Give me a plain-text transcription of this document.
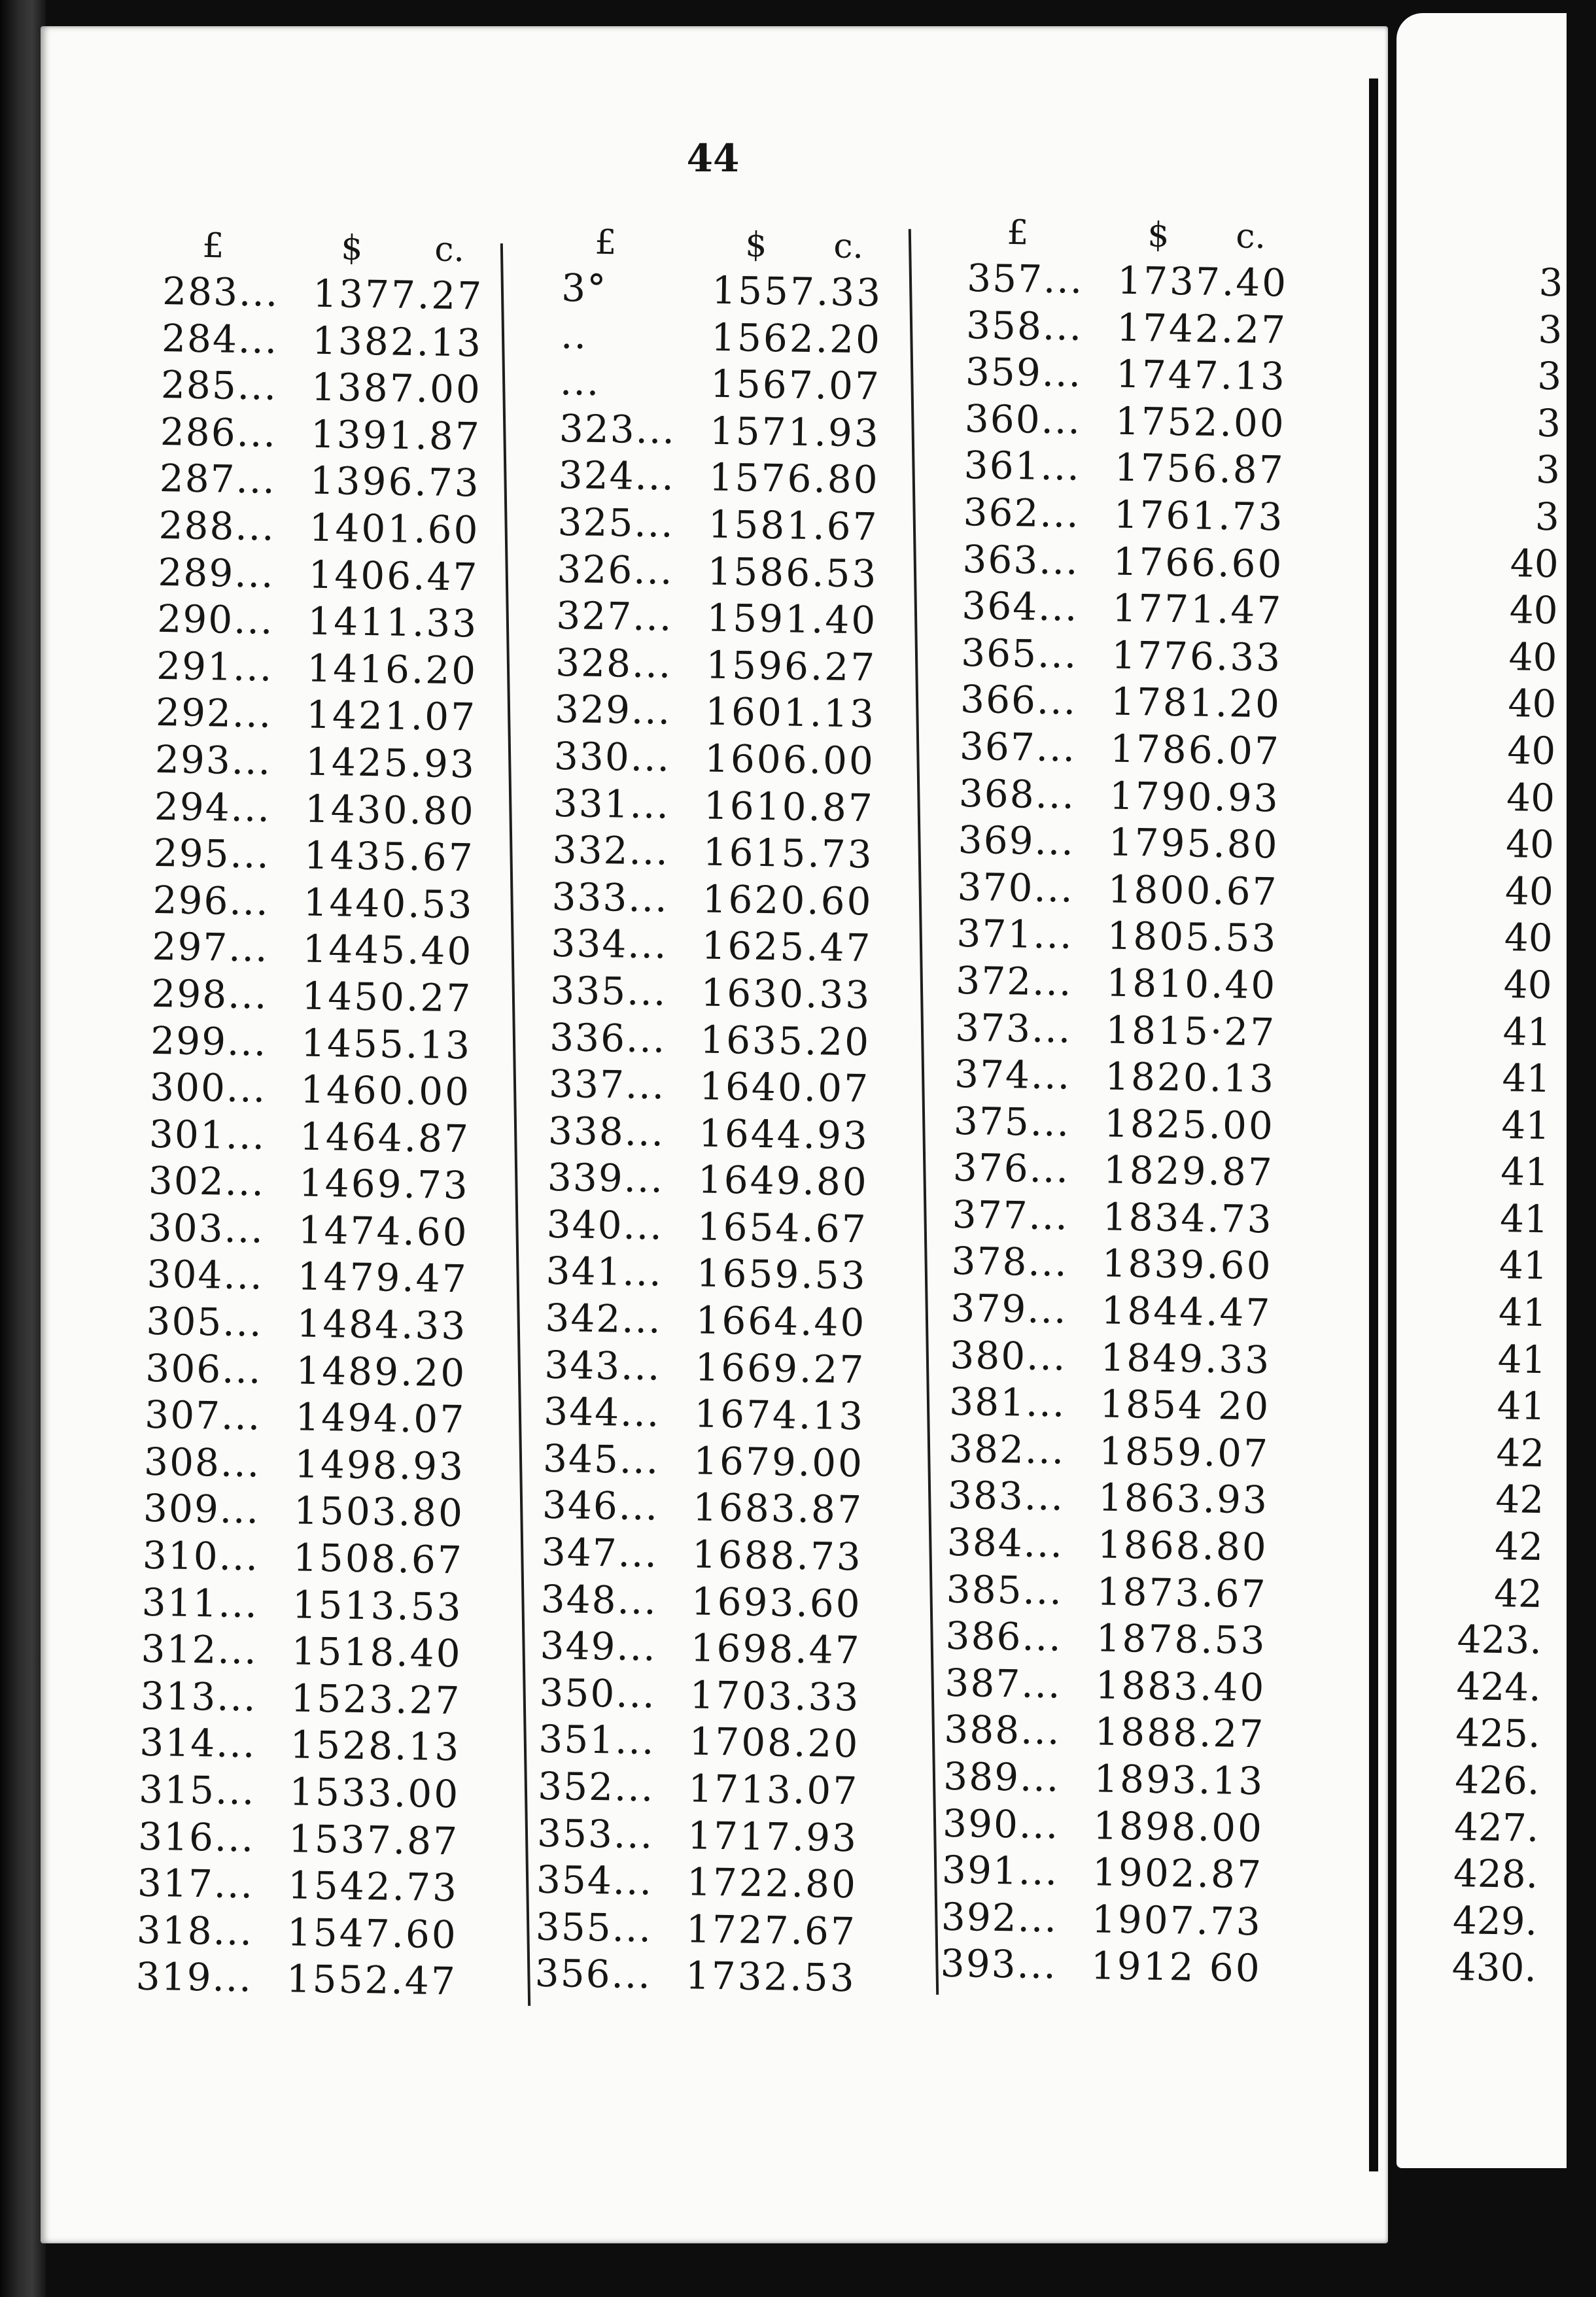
44
£	$ c.
283... 1377.27
284... 1382.13
285... 1387.00
286... 1391.87
287... 1396.73
288... 1401.60
289... 1406.47
290... 1411.33
291... 1416.20
292... 1421.07
293... 1425.93
294... 1430.80
295... 1435.67
296... 1440.53
297... 1445.40
298... 1450.27
299... 1455.13
300... 1460.00
301... 1464.87
302... 1469.73
303... 1474.60
304... 1479.47
305... 1484.33
306... 1489.20
307... 1494.07
308... 1498.93
309... 1503.80
310... 1508.67
311... 1513.53
312... 1518.40
313... 1523.27
314... 1528.13
315... 1533.00
316... 1537.87
317... 1542.73
318... 1547.60
319... 1552.47
£	$ c.
3°	1557.33
..	1562.20
...	1567.07
323... 1571.93
324... 1576.80
325... 1581.67
326... 1586.53
327... 1591.40
328... 1596.27
329... 1601.13
330... 1606.00
331... 1610.87
332... 1615.73
333... 1620.60
334... 1625.47
335... 1630.33
336... 1635.20
337... 1640.07
338... 1644.93
339... 1649.80
340... 1654.67
341... 1659.53
342... 1664.40
343... 1669.27
344... 1674.13
345... 1679.00
346... 1683.87
347... 1688.73
348... 1693.60
349... 1698.47
350... 1703.33
351... 1708.20
352... 1713.07
353... 1717.93
354... 1722.80
355... 1727.67
356... 1732.53
£	$ c.
357... 1737.40
358... 1742.27
359... 1747.13
360... 1752.00
361... 1756.87
362... 1761.73
363... 1766.60
364... 1771.47
365... 1776.33
366... 1781.20
367... 1786.07
368... 1790.93
369... 1795.80
370... 1800.67
371... 1805.53
372... 1810.40
373... 1815·27
374... 1820.13
375... 1825.00
376... 1829.87
377... 1834.73
378... 1839.60
379... 1844.47
380... 1849.33
381... 1854 20
382... 1859.07
383... 1863.93
384... 1868.80
385... 1873.67
386... 1878.53
387... 1883.40
388... 1888.27
389... 1893.13
390... 1898.00
391... 1902.87
392... 1907.73
393... 1912 60
3
3
3
3
3
3
40
40
40
40
40
40
40
40
40
40
41
41
41
41
41
41
41
41
41
42
42
42
42
423.
424.
425.
426.
427.
428.
429.
430.
